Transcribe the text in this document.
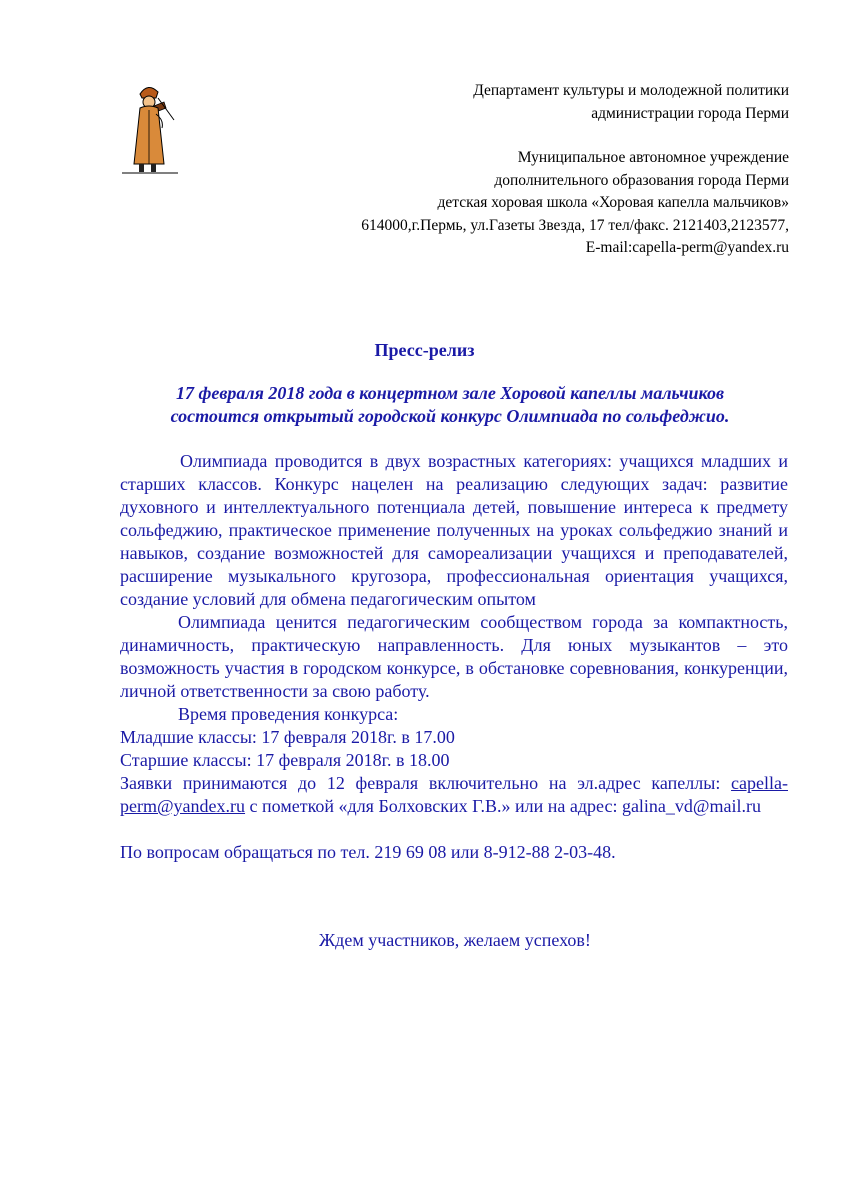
Департамент культуры и молодежной политики
администрации города Перми
Муниципальное автономное учреждение
дополнительного образования города Перми
детская хоровая школа «Хоровая капелла мальчиков»
614000,г.Пермь, ул.Газеты Звезда, 17 тел/факс. 2121403,2123577,
E-mail:capella-perm@yandex.ru
Пресс-релиз
17 февраля 2018 года в концертном зале Хоровой капеллы мальчиков
состоится открытый городской конкурс Олимпиада по сольфеджио.

Олимпиада проводится в двух возрастных категориях: учащихся младших и старших классов. Конкурс нацелен на реализацию следующих задач: развитие духовного и интеллектуального потенциала детей, повышение интереса к предмету сольфеджию, практическое применение полученных на уроках сольфеджио знаний и навыков, создание возможностей для самореализации учащихся и преподавателей, расширение музыкального кругозора, профессиональная ориентация учащихся, создание условий для обмена педагогическим опытом

Олимпиада ценится педагогическим сообществом города за компактность, динамичность, практическую направленность. Для юных музыкантов – это возможность участия в городском конкурсе, в обстановке соревнования, конкуренции, личной ответственности за свою работу.

Время проведения конкурса:

Младшие классы: 17 февраля 2018г. в 17.00

Старшие классы: 17 февраля 2018г. в 18.00

Заявки принимаются до 12 февраля включительно на эл.адрес капеллы: capella-perm@yandex.ru с пометкой «для Болховских Г.В.» или на адрес: galina_vd@mail.ru

По вопросам обращаться по тел. 219 69 08 или 8-912-88 2-03-48.

Ждем участников, желаем успехов!
